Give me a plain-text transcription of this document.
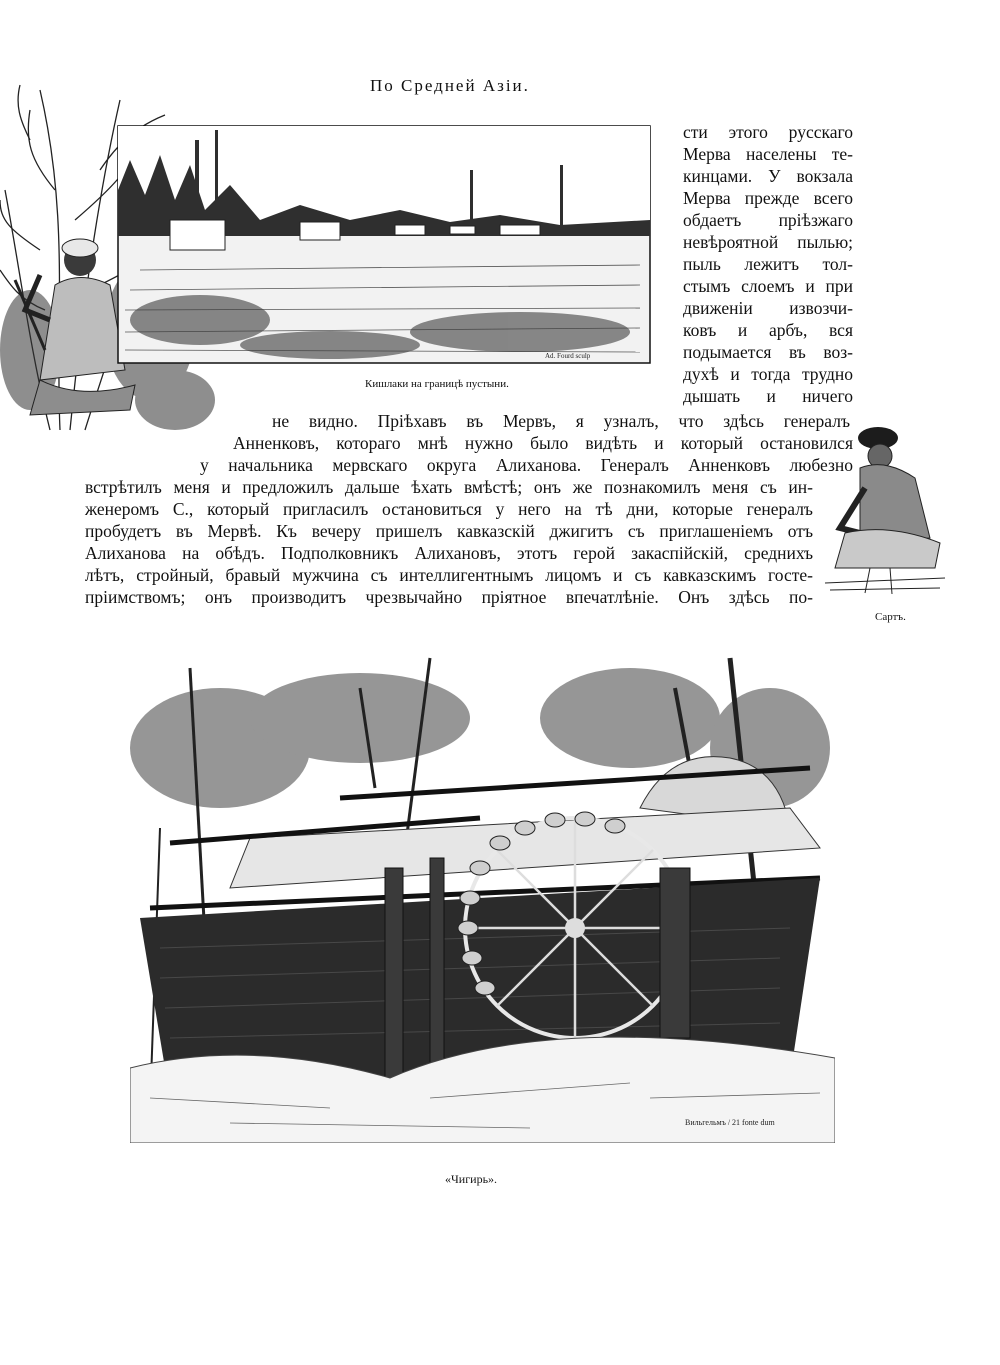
По Средней Азіи.
Ad. Fourd sculp
Кишлаки на границѣ пустыни.
сти этого русскаго
Мерва населены те-
кинцами. У вокзала
Мерва прежде всего
обдаетъ пріѣзжаго
невѣроятной пылью;
пыль лежитъ тол-
стымъ слоемъ и при
движеніи извозчи-
ковъ и арбъ, вся
подымается въ воз-
духѣ и тогда трудно
дышать и ничего
не видно. Пріѣхавъ въ Мервъ, я узналъ, что здѣсь генералъ
Анненковъ, котораго мнѣ нужно было видѣть и который остановился
у начальника мервскаго округа Алиханова. Генералъ Анненковъ любезно
встрѣтилъ меня и предложилъ дальше ѣхать вмѣстѣ; онъ же познакомилъ меня съ ин-
женеромъ С., который пригласилъ остановиться у него на тѣ дни, которые генералъ
пробудетъ въ Мервѣ. Къ вечеру пришелъ кавказскій джигитъ съ приглашеніемъ отъ
Алиханова на обѣдъ. Подполковникъ Алихановъ, этотъ герой закаспійскій, среднихъ
лѣтъ, стройный, бравый мужчина съ интеллигентнымъ лицомъ и съ кавказскимъ госте-
пріимствомъ; онъ производитъ чрезвычайно пріятное впечатлѣніе. Онъ здѣсь по-
Сартъ.
Вильгельмъ / 21 fonte dum
«Чигирь».
